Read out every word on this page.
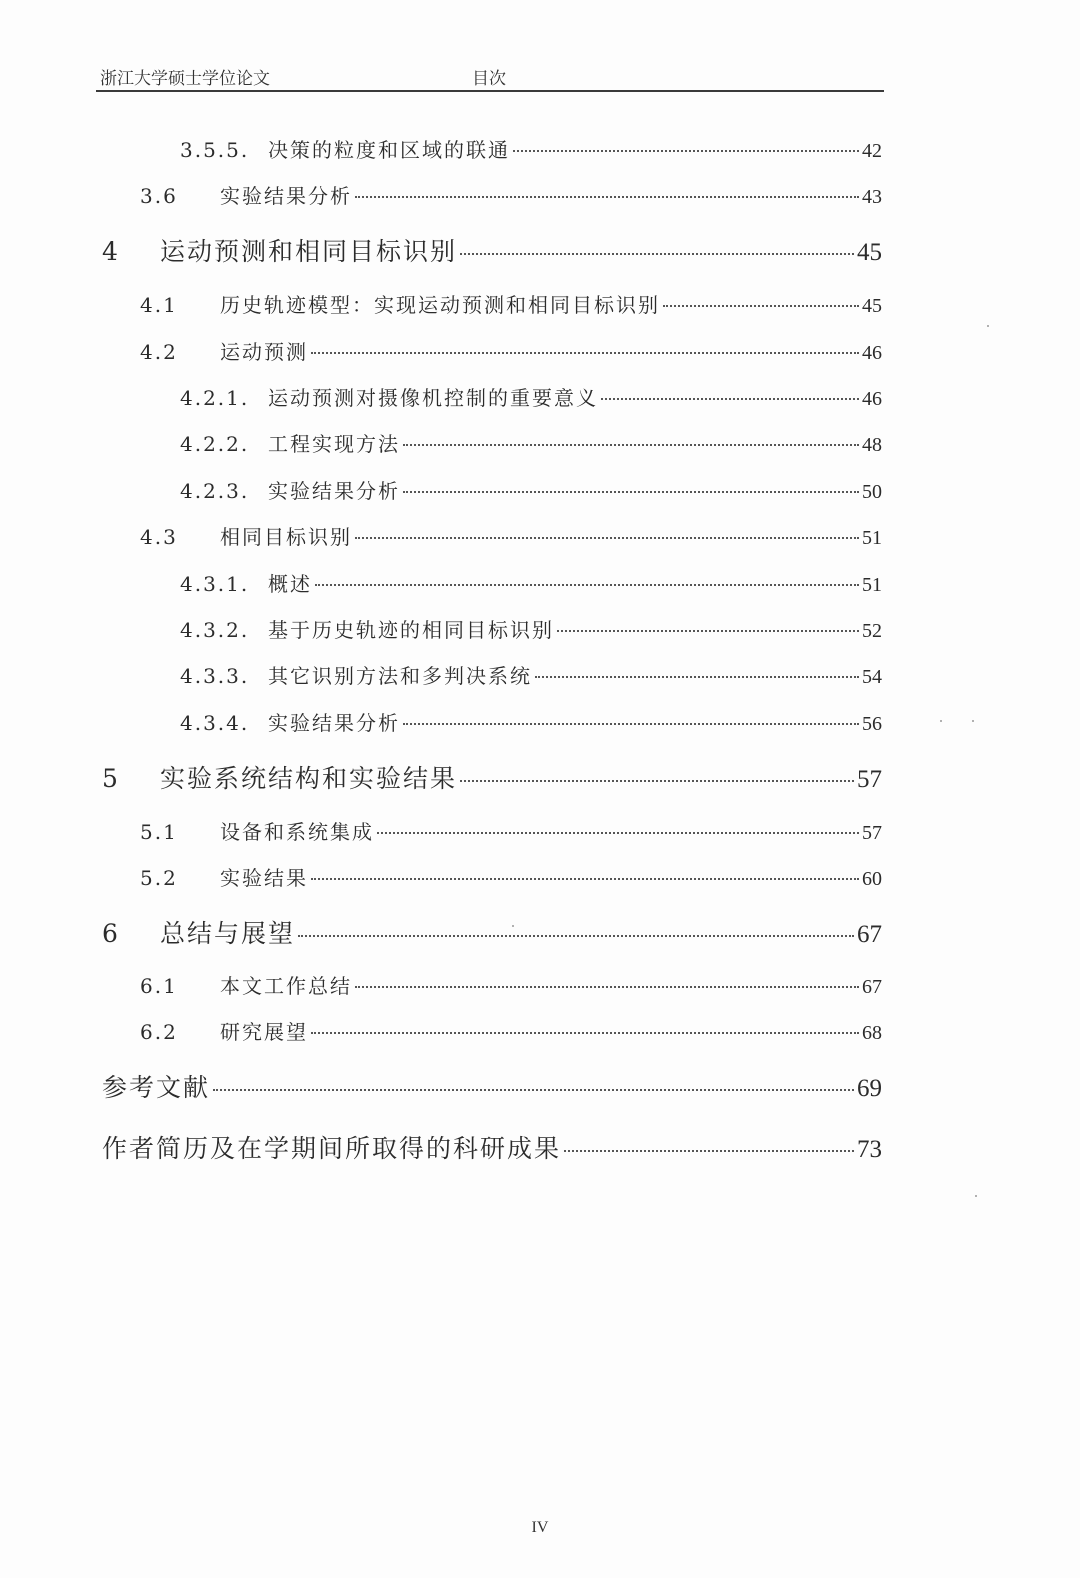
浙江大学硕士学位论文	目次
3.5.5. 决策的粒度和区域的联通	42
3.6	实验结果分析	43
4	运动预测和相同目标识别	45
4.1	历史轨迹模型：实现运动预测和相同目标识别	45
4.2	运动预测	46
4.2.1. 运动预测对摄像机控制的重要意义	46
4.2.2. 工程实现方法	48
4.2.3. 实验结果分析	50
4.3	相同目标识别	51
4.3.1. 概述	51
4.3.2. 基于历史轨迹的相同目标识别	52
4.3.3. 其它识别方法和多判决系统	54
4.3.4. 实验结果分析	56
5	实验系统结构和实验结果	57
5.1	设备和系统集成	57
5.2	实验结果	60
6	总结与展望	67
6.1	本文工作总结	67
6.2	研究展望	68
参考文献	69
作者简历及在学期间所取得的科研成果	73
IV
